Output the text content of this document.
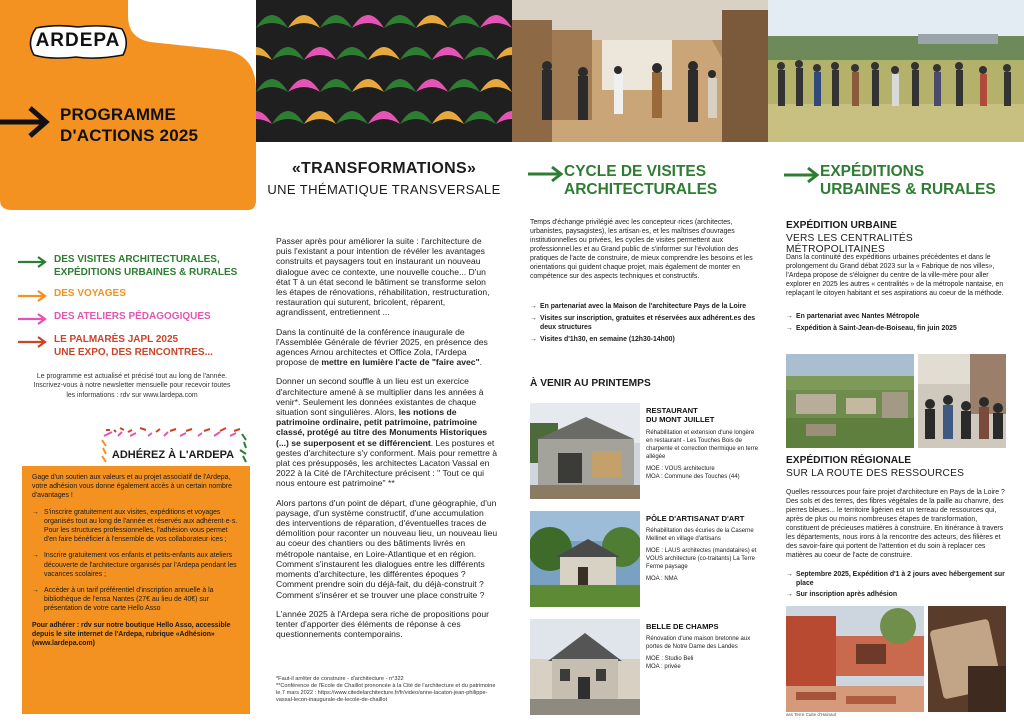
ARDEPA
PROGRAMME
D'ACTIONS 2025
DES VISITES ARCHITECTURALES,
EXPÉDITIONS URBAINES & RURALES
DES VOYAGES
DES ATELIERS PÉDAGOGIQUES
LE PALMARÈS JAPL 2025
UNE EXPO, DES RENCONTRES...
Le programme est actualisé et précisé tout au long de l'année.
Inscrivez-vous à notre newsletter mensuelle pour recevoir toutes
les informations : rdv sur www.lardepa.com
ADHÉREZ À L'ARDEPA

Gage d'un soutien aux valeurs et au projet associatif de l'Ardepa, votre adhésion vous donne également accès à un certain nombre d'avantages !

→ S'inscrire gratuitement aux visites, expéditions et voyages organisés tout au long de l'année et réservés aux adhérent·e·s. Pour les structures professionnelles, l'adhésion vous permet d'en faire bénéficier à l'ensemble de vos collaborateur·ices ;
→ Inscrire gratuitement vos enfants et petits-enfants aux ateliers découverte de l'architecture organisés par l'Ardepa pendant les vacances scolaires ;
→ Accéder à un tarif préférentiel d'inscription annuelle à la bibliothèque de l'ensa Nantes (27€ au lieu de 40€) sur présentation de votre carte Hello Asso

Pour adhérer : rdv sur notre boutique Hello Asso, accessible depuis le site internet de l'Ardepa, rubrique «Adhésion» (www.lardepa.com)

«TRANSFORMATIONS»
UNE THÉMATIQUE TRANSVERSALE

Passer après pour améliorer la suite : l'architecture de puis l'existant a pour intention de révéler les avantages construits et paysagers tout en instaurant un nouveau dialogue avec ce contexte, une nouvelle couche... D'un état T à un état second le bâtiment se transforme selon les étapes de rénovations, réhabilitation, restructuration, restauration qui suturent, bricolent, réparent, agrandissent, entretiennent ...

Dans la continuité de la conférence inaugurale de l'Assemblée Générale de février 2025, en présence des agences Arnou architectes et Office Zola, l'Ardepa propose de mettre en lumière l'acte de "faire avec".

Donner un second souffle à un lieu est un exercice d'architecture amené à se multiplier dans les années à venir*. Seulement les données existantes de chaque situation sont singulières. Alors, les notions de patrimoine ordinaire, petit patrimoine, patrimoine classé, protégé au titre des Monuments Historiques (...) se superposent et se différencient. Les postures et gestes d'architecture s'y conforment. Mais pour remettre à plat ces présupposés, les architectes Lacaton Vassal en 2022 à la Cité de l'Architecture précisent : " Tout ce qui nous entoure est patrimoine" **

Alors partons d'un point de départ, d'une géographie, d'un paysage, d'un système constructif, d'une accumulation des interventions de réparation, d'éventuelles traces de démolition pour raconter un nouveau lieu, un nouveau lieu au coeur des chantiers ou des bâtiments livrés en métropole nantaise, en Loire-Atlantique et en région.

Comment s'instaurent les dialogues entre les différents moments d'architecture, les différentes époques ? Comment prendre soin du déjà-fait, du déjà-construit ? Comment s'insérer et se trouver une place construite ?

L'année 2025 à l'Ardepa sera riche de propositions pour tenter d'apporter des éléments de réponse à ces questionnements contemporains.

*Faut-il arrêter de construire - d'architecture - n°322
**Conférence de l'Ecole de Chaillot prononcée à la Cité de l'architecture et du patrimoine le 7 mars 2022 : https://www.citedelarchitecture.fr/fr/video/anne-lacaton-jean-philippe-vassal-lecon-inaugurale-de-lecole-de-chaillot
CYCLE DE VISITES
ARCHITECTURALES
Temps d'échange privilégié avec les concepteur·rices (architectes, urbanistes, paysagistes), les artisan·es, et les maîtrises d'ouvrages institutionnelles ou privées, les cycles de visites permettent aux professionnel.les et au Grand public de s'informer sur l'évolution des pratiques de l'acte de construire, de mieux comprendre les besoins et les orientations qui guident chaque projet, mais également de monter en compétence sur des aspects techniques et constructifs.
→ En partenariat avec la Maison de l'architecture Pays de la Loire
→ Visites sur inscription, gratuites et réservées aux adhérent.es des deux structures
→ Visites d'1h30, en semaine (12h30-14h00)
À VENIR AU PRINTEMPS
RESTAURANT
DU MONT JUILLET

Réhabilitation et extension d'une longère en restaurant - Les Touches Bois de charpente et correction thermique en terre allégée

MOE : VOUS architecture
MOA : Commune des Touches (44)
PÔLE D'ARTISANAT D'ART

Réhabilitation des écuries de la Caserne Mellinet en village d'artisans

MOE : LAUS architectes (mandataires) et VOUS architecture (co-traitants) La Terre Ferme paysage

MOA : NMA
BELLE DE CHAMPS

Rénovation d'une maison bretonne aux portes de Notre Dame des Landes

MOE : Studio Beli
MOA : privée
EXPÉDITIONS
URBAINES & RURALES
EXPÉDITION URBAINE
VERS LES CENTRALITÉS MÉTROPOLITAINES
Dans la continuité des expéditions urbaines précédentes et dans le prolongement du Grand débat 2023 sur la « Fabrique de nos villes», l'Ardepa propose de s'éloigner du centre de la ville-mère pour aller explorer en 2025 les autres « centralités » de la métropole nantaise, en replaçant le citoyen habitant et ses aspirations au coeur de la méthode.
→ En partenariat avec Nantes Métropole
→ Expédition à Saint-Jean-de-Boiseau, fin juin 2025
EXPÉDITION RÉGIONALE
SUR LA ROUTE DES RESSOURCES
Quelles ressources pour faire projet d'architecture en Pays de la Loire ? Des sols et des terres, des fibres végétales de la paille au chanvre, des pierres bleues... le territoire ligérien est un terreau de ressources qui, après de plus ou moins nombreuses étapes de transformation, constituent de précieuses matières à construire. En itinérance à travers les départements, nous irons à la rencontre des acteurs, des filières et des savoir-faire qui portent de l'attention et du soin à replacer ces matières au coeur de l'acte de construire.
→ Septembre 2025, Expédition d'1 à 2 jours avec hébergement sur place
→ Sur inscription après adhésion
ass Terre Cuite d'Hainaut
